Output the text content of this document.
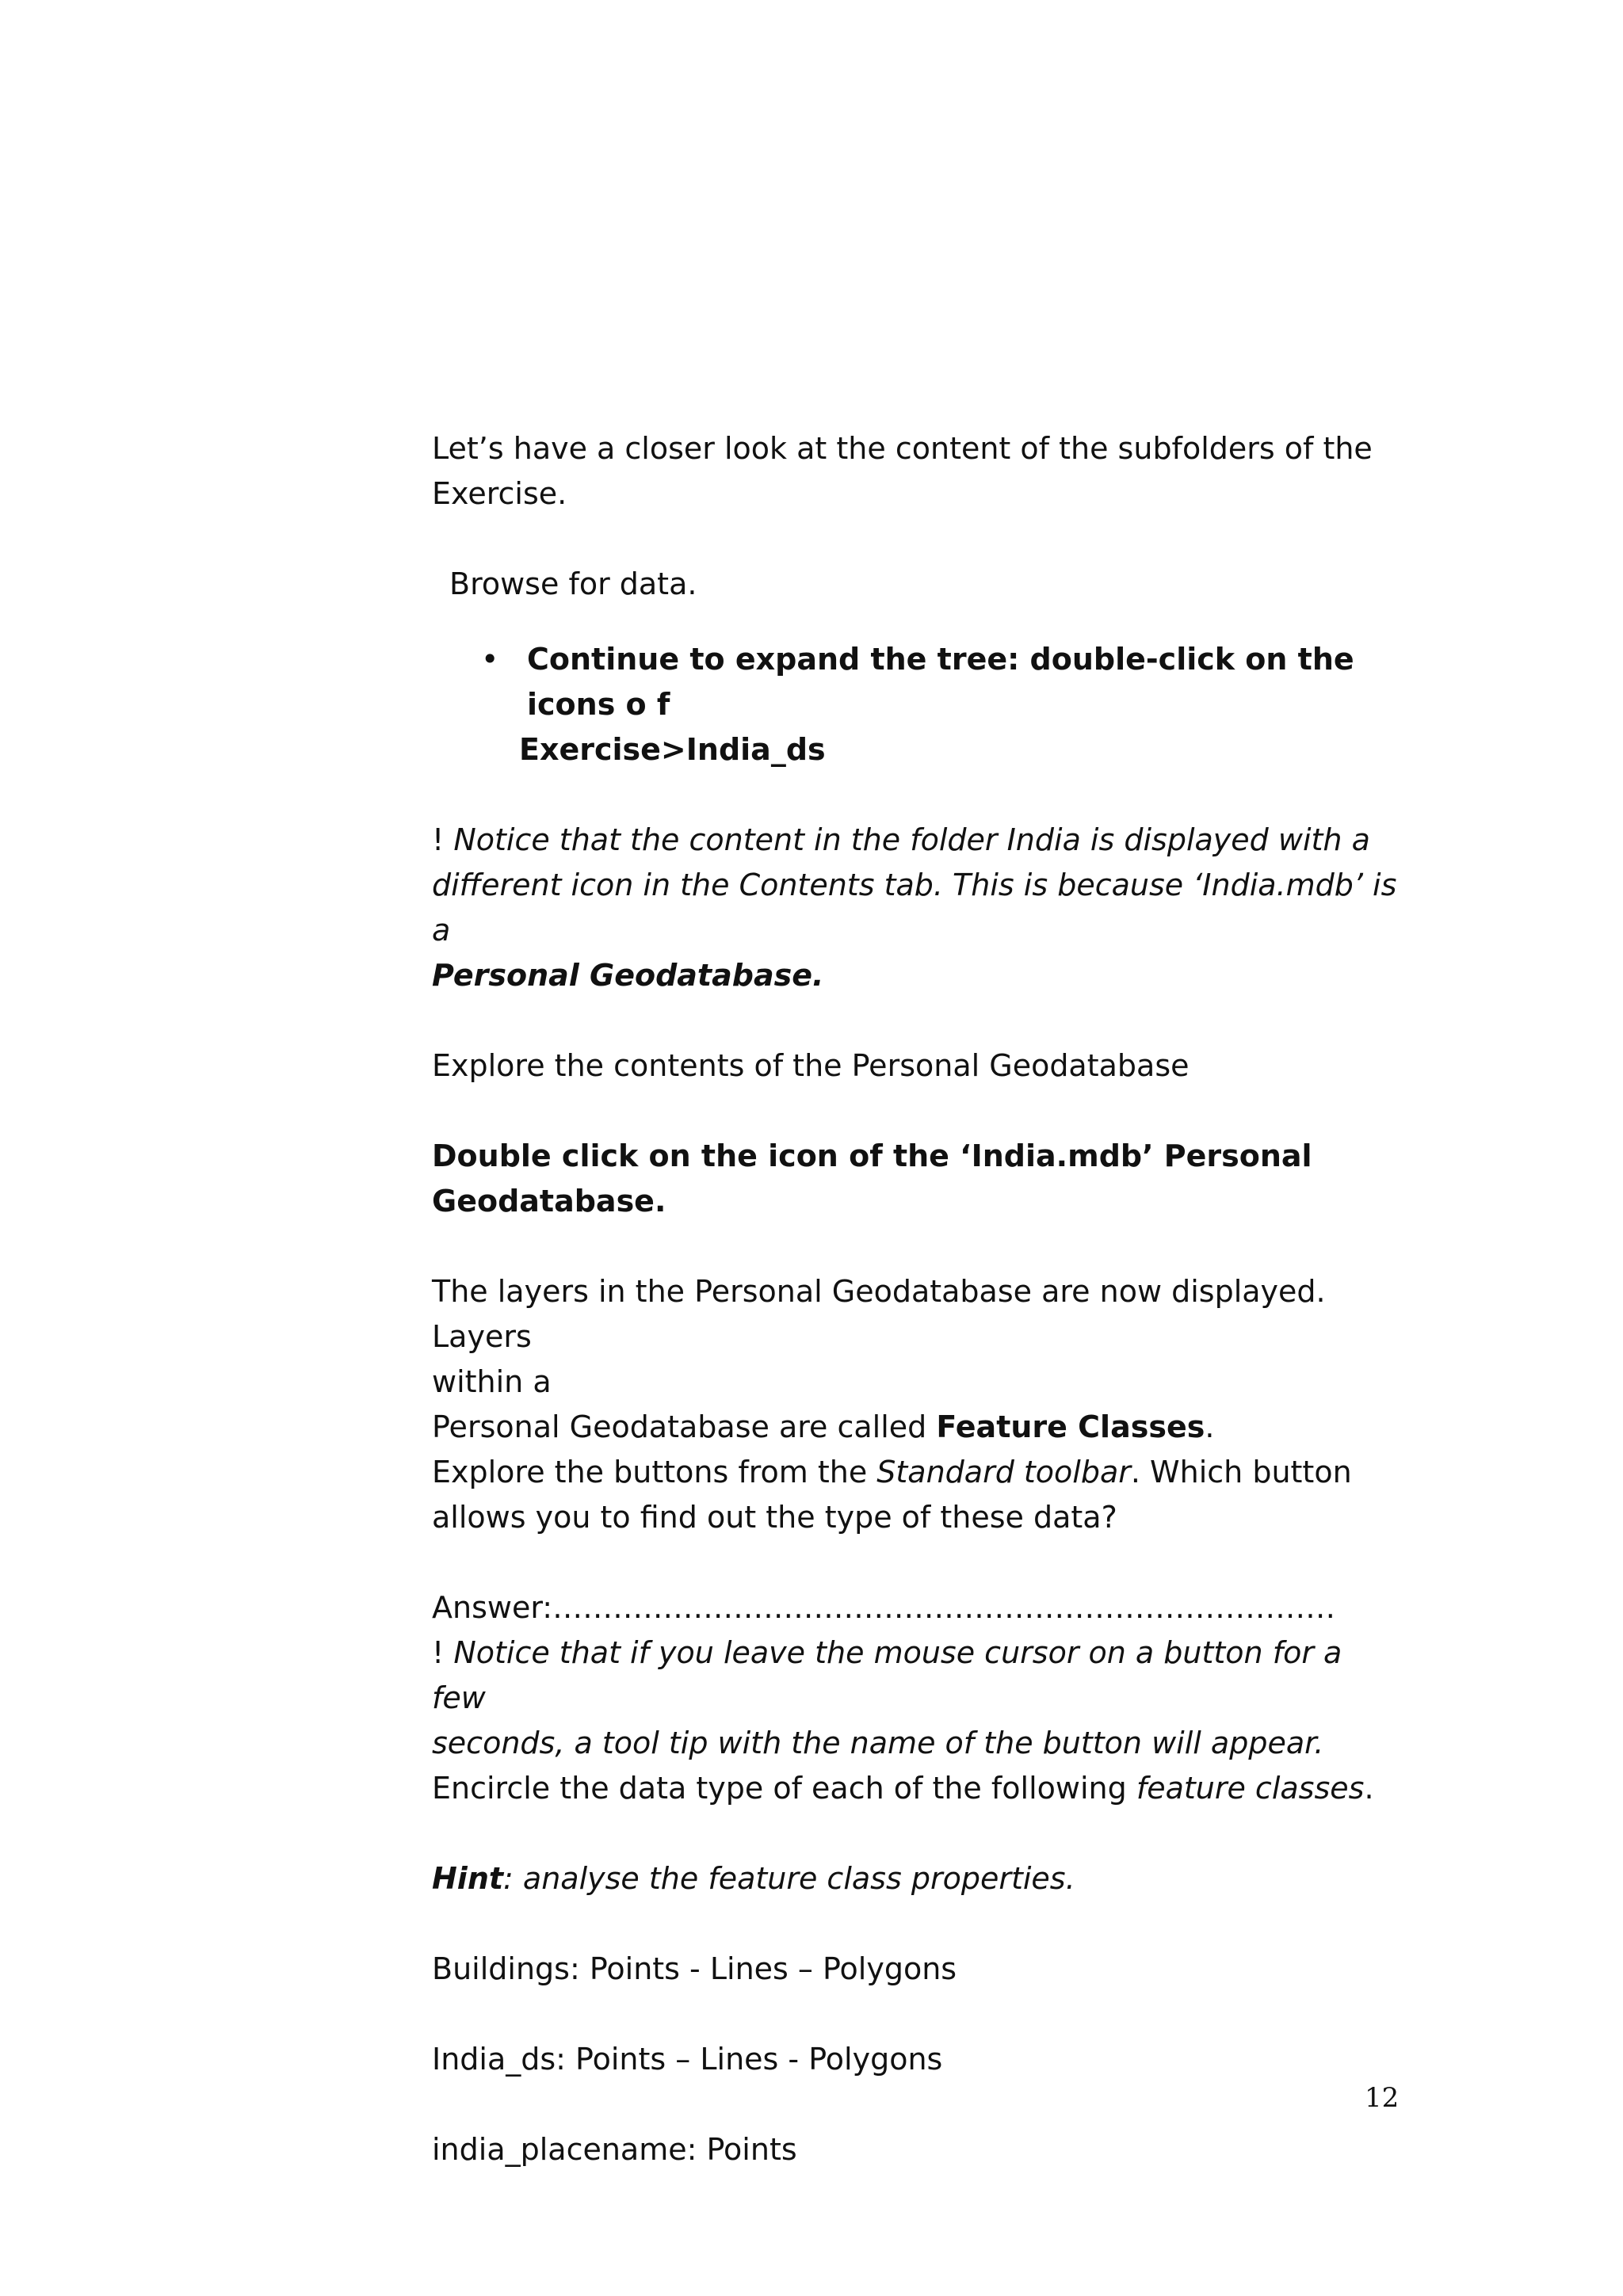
Let’s have a closer look at the content of the subfolders of the

Exercise.

Browse for data.

• Continue to expand the tree: double-click on the icons o f

Exercise>India_ds

! Notice that the content in the folder India is displayed with a

different icon in the Contents tab. This is because ‘India.mdb’ is a

Personal Geodatabase.

Explore the contents of the Personal Geodatabase

Double click on the icon of the ‘India.mdb’ Personal Geodatabase.

The layers in the Personal Geodatabase are now displayed. Layers

within a

Personal Geodatabase are called Feature Classes.

Explore the buttons from the Standard toolbar. Which button

allows you to find out the type of these data?

Answer:……………………………………………………………………

! Notice that if you leave the mouse cursor on a button for a few

seconds, a tool tip with the name of the button will appear.

Encircle the data type of each of the following feature classes.

Hint: analyse the feature class properties.

Buildings: Points - Lines – Polygons

India_ds: Points – Lines - Polygons

india_placename: Points

12
